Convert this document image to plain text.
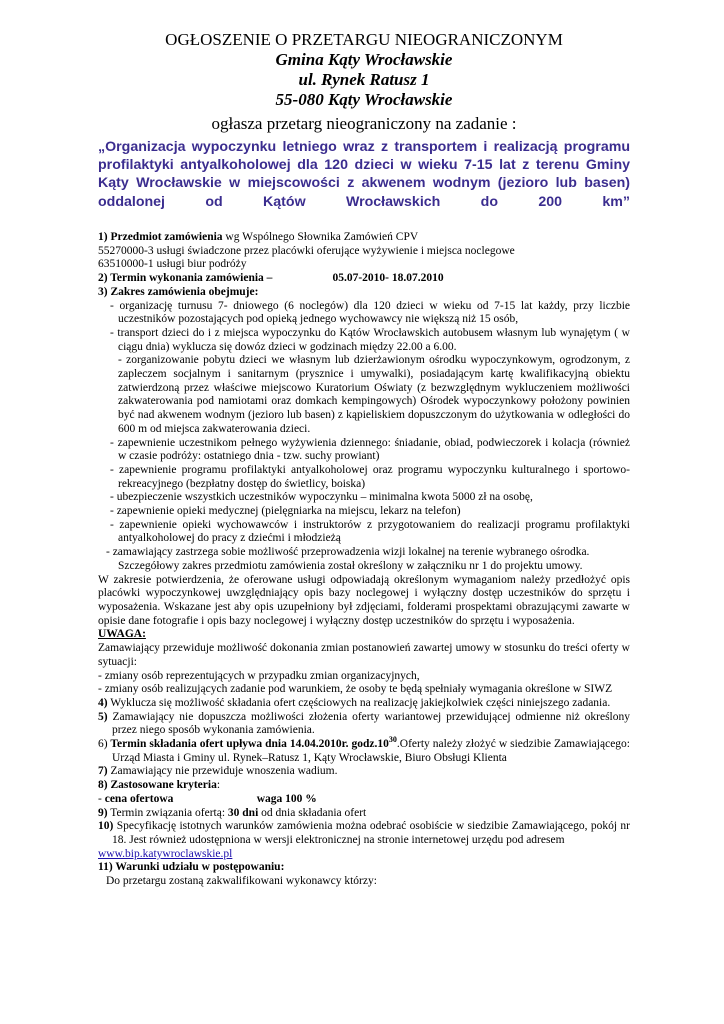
OGŁOSZENIE O PRZETARGU NIEOGRANICZONYM
Gmina Kąty Wrocławskie
ul. Rynek Ratusz 1
55-080 Kąty Wrocławskie
ogłasza przetarg nieograniczony na zadanie :
„Organizacja wypoczynku letniego wraz z transportem i realizacją programu profilaktyki antyalkoholowej dla 120 dzieci w wieku 7-15 lat z terenu Gminy Kąty Wrocławskie w miejscowości z akwenem wodnym (jezioro lub basen) oddalonej od Kątów Wrocławskich do 200 km”

1) Przedmiot zamówienia wg Wspólnego Słownika Zamówień CPV

55270000-3 usługi świadczone przez placówki oferujące wyżywienie i miejsca noclegowe

63510000-1 usługi biur podróży

2) Termin wykonania zamówienia –	05.07-2010- 18.07.2010

3) Zakres zamówienia obejmuje:

- organizację turnusu 7- dniowego (6 noclegów) dla 120 dzieci w wieku od 7-15 lat każdy, przy liczbie uczestników pozostających pod opieką jednego wychowawcy nie większą niż 15 osób,

- transport dzieci do i z miejsca wypoczynku do Kątów Wrocławskich autobusem własnym lub wynajętym ( w ciągu dnia) wyklucza się dowóz dzieci w godzinach między 22.00 a 6.00.

- zorganizowanie pobytu dzieci we własnym lub dzierżawionym ośrodku wypoczynkowym, ogrodzonym, z zapleczem socjalnym i sanitarnym (prysznice i umywalki), posiadającym kartę kwalifikacyjną obiektu zatwierdzoną przez właściwe miejscowo Kuratorium Oświaty (z bezwzględnym wykluczeniem możliwości zakwaterowania pod namiotami oraz domkach kempingowych) Ośrodek wypoczynkowy położony powinien być nad akwenem wodnym (jezioro lub basen) z kąpieliskiem dopuszczonym do użytkowania w odległości do 600 m od miejsca zakwaterowania dzieci.

- zapewnienie uczestnikom pełnego wyżywienia dziennego: śniadanie, obiad, podwieczorek i kolacja (również w czasie podróży: ostatniego dnia - tzw. suchy prowiant)

- zapewnienie programu profilaktyki antyalkoholowej oraz programu wypoczynku kulturalnego i sportowo-rekreacyjnego (bezpłatny dostęp do świetlicy, boiska)

- ubezpieczenie wszystkich uczestników wypoczynku – minimalna kwota 5000 zł na osobę,

- zapewnienie opieki medycznej (pielęgniarka na miejscu, lekarz na telefon)

- zapewnienie opieki wychowawców i instruktorów z przygotowaniem do realizacji programu profilaktyki antyalkoholowej do pracy z dziećmi i młodzieżą

- zamawiający zastrzega sobie możliwość przeprowadzenia wizji lokalnej na terenie wybranego ośrodka.

Szczegółowy zakres przedmiotu zamówienia został określony w załączniku nr 1 do projektu umowy.

W zakresie potwierdzenia, że oferowane usługi odpowiadają określonym wymaganiom należy przedłożyć opis placówki wypoczynkowej uwzględniający opis bazy noclegowej i wyłączny dostęp uczestników do sprzętu i wyposażenia. Wskazane jest aby opis uzupełniony był zdjęciami, folderami prospektami obrazującymi zawarte w opisie dane fotografie i opis bazy noclegowej i wyłączny dostęp uczestników do sprzętu i wyposażenia.

UWAGA:

Zamawiający przewiduje możliwość dokonania zmian postanowień zawartej umowy w stosunku do treści oferty w sytuacji:

- zmiany osób reprezentujących w przypadku zmian organizacyjnych,

- zmiany osób realizujących zadanie pod warunkiem, że osoby te będą spełniały wymagania określone w SIWZ

4) Wyklucza się możliwość składania ofert częściowych na realizację jakiejkolwiek części niniejszego zadania.

5) Zamawiający nie dopuszcza możliwości złożenia oferty wariantowej przewidującej odmienne niż określony przez niego sposób wykonania zamówienia.

6) Termin składania ofert upływa dnia 14.04.2010r. $godz.10^{30}.Oferty$ należy złożyć w siedzibie Zamawiającego: Urząd Miasta i Gminy ul. Rynek–Ratusz 1, Kąty Wrocławskie, Biuro Obsługi Klienta

7) Zamawiający nie przewiduje wnoszenia wadium.

8) Zastosowane kryteria:

- cena ofertowa	waga 100 %

9) Termin związania ofertą: 30 dni od dnia składania ofert

10) Specyfikację istotnych warunków zamówienia można odebrać osobiście w siedzibie Zamawiającego, pokój nr 18. Jest również udostępniona w wersji elektronicznej na stronie internetowej urzędu pod adresem
www.bip.katywroclawskie.pl

11) Warunki udziału w postępowaniu:

Do przetargu zostaną zakwalifikowani wykonawcy którzy:
